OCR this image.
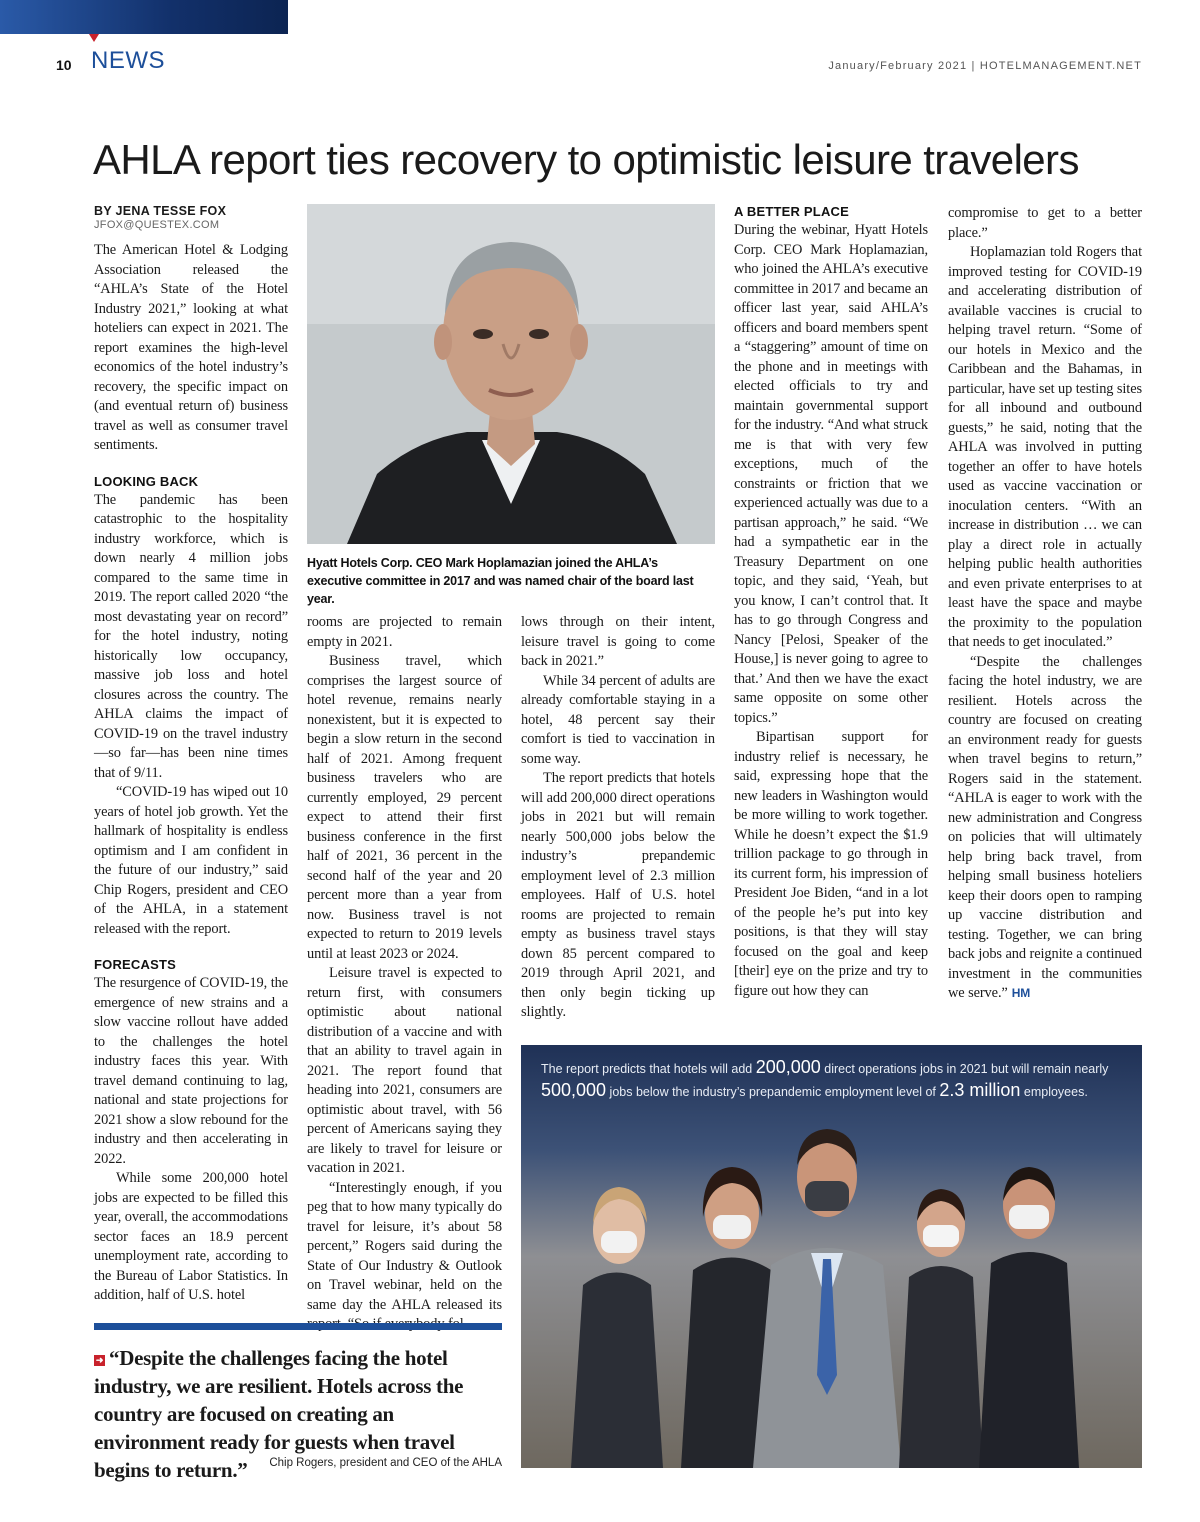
10 NEWS	January/February 2021 | HOTELMANAGEMENT.NET
AHLA report ties recovery to optimistic leisure travelers
BY JENA TESSE FOX
JFOX@QUESTEX.COM

The American Hotel & Lodging Association released the “AHLA’s State of the Hotel Industry 2021,” looking at what hoteliers can expect in 2021. The report examines the high-level economics of the hotel industry’s recovery, the specific impact on (and eventual return of) business travel as well as consumer travel sentiments.

LOOKING BACK

The pandemic has been catastrophic to the hospitality industry workforce, which is down nearly 4 million jobs compared to the same time in 2019. The report called 2020 “the most devastating year on record” for the hotel industry, noting historically low occupancy, massive job loss and hotel closures across the country. The AHLA claims the impact of COVID-19 on the travel industry—so far—has been nine times that of 9/11.

“COVID-19 has wiped out 10 years of hotel job growth. Yet the hallmark of hospitality is endless optimism and I am confident in the future of our industry,” said Chip Rogers, president and CEO of the AHLA, in a statement released with the report.

FORECASTS

The resurgence of COVID-19, the emergence of new strains and a slow vaccine rollout have added to the challenges the hotel industry faces this year. With travel demand continuing to lag, national and state projections for 2021 show a slow rebound for the industry and then accelerating in 2022.

While some 200,000 hotel jobs are expected to be filled this year, overall, the accommodations sector faces an 18.9 percent unemployment rate, according to the Bureau of Labor Statistics. In addition, half of U.S. hotel

Hyatt Hotels Corp. CEO Mark Hoplamazian joined the AHLA’s executive committee in 2017 and was named chair of the board last year.

rooms are projected to remain empty in 2021.

Business travel, which comprises the largest source of hotel revenue, remains nearly nonexistent, but it is expected to begin a slow return in the second half of 2021. Among frequent business travelers who are currently employed, 29 percent expect to attend their first business conference in the first half of 2021, 36 percent in the second half of the year and 20 percent more than a year from now. Business travel is not expected to return to 2019 levels until at least 2023 or 2024.

Leisure travel is expected to return first, with consumers optimistic about national distribution of a vaccine and with that an ability to travel again in 2021. The report found that heading into 2021, consumers are optimistic about travel, with 56 percent of Americans saying they are likely to travel for leisure or vacation in 2021.

“Interestingly enough, if you peg that to how many typically do travel for leisure, it’s about 58 percent,” Rogers said during the State of Our Industry & Outlook on Travel webinar, held on the same day the AHLA released its

lows through on their intent, leisure travel is going to come back in 2021.”

While 34 percent of adults are already comfortable staying in a hotel, 48 percent say their comfort is tied to vaccination in some way.

The report predicts that hotels will add 200,000 direct operations jobs in 2021 but will remain nearly 500,000 jobs below the industry’s prepandemic employment level of 2.3 million employees. Half of U.S. hotel rooms are projected to remain empty as business travel stays down 85 percent compared to 2019 through April 2021, and then only begin ticking up slightly.

A BETTER PLACE

During the webinar, Hyatt Hotels Corp. CEO Mark Hoplamazian, who joined the AHLA’s executive committee in 2017 and became an officer last year, said AHLA’s officers and board members spent a “staggering” amount of time on the phone and in meetings with elected officials to try and maintain governmental support for the industry. “And what struck me is that with very few exceptions, much of the constraints or friction that we experienced actually was due to a partisan approach,” he said. “We had a sympathetic ear in the Treasury Department on one topic, and they said, ‘Yeah, but you know, I can’t control that. It has to go through Congress and Nancy [Pelosi, Speaker of the House,] is never going to agree to that.’ And then we have the exact same opposite on some other topics.”

Bipartisan support for industry relief is necessary, he said, expressing hope that the new leaders in Washington would be more willing to work together. While he doesn’t expect the $1.9 trillion package to go through in its current form, his impression of President Joe Biden, “and in a lot of the people he’s put into key positions, is that they will stay focused on the goal and keep [their] eye on the prize and try to figure out how they can

compromise to get to a better place.”

Hoplamazian told Rogers that improved testing for COVID-19 and accelerating distribution of available vaccines is crucial to helping travel return. “Some of our hotels in Mexico and the Caribbean and the Bahamas, in particular, have set up testing sites for all inbound and outbound guests,” he said, noting that the AHLA was involved in putting together an offer to have hotels used as vaccine vaccination or inoculation centers. “With an increase in distribution … we can play a direct role in actually helping public health authorities and even private enterprises to at least have the space and maybe the proximity to the population that needs to get inoculated.”

“Despite the challenges facing the hotel industry, we are resilient. Hotels across the country are focused on creating an environment ready for guests when travel begins to return,” Rogers said in the statement. “AHLA is eager to work with the new administration and Congress on policies that will ultimately help bring back travel, from helping small business hoteliers keep their doors open to ramping up vaccine distribution and testing. Together, we can bring back jobs and reignite a continued investment in the communities we serve.” HM

➜ “Despite the challenges facing the hotel industry, we are resilient. Hotels across the country are focused on creating an environment ready for guests when travel begins to return.”	Chip Rogers, president and CEO of the AHLA
The report predicts that hotels will add 200,000 direct operations jobs in 2021 but will remain nearly 500,000 jobs below the industry’s prepandemic employment level of 2.3 million employees.
